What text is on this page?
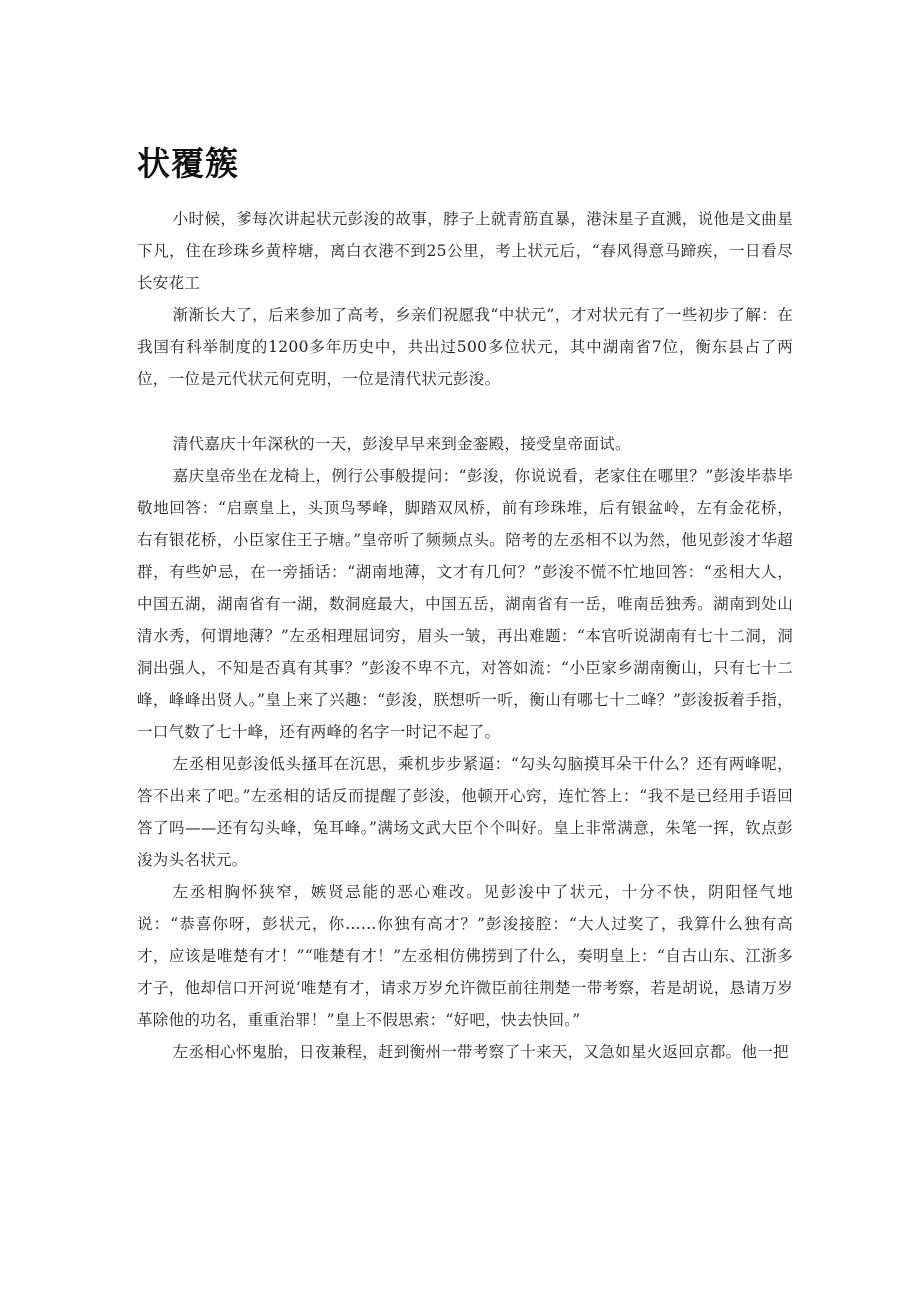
状覆簇

小时候，爹每次讲起状元彭浚的故事，脖子上就青筋直暴，港沫星子直溅，说他是文曲星下凡，住在珍珠乡黄梓塘，离白衣港不到25公里，考上状元后，“春风得意马蹄疾，一日看尽长安花工

渐渐长大了，后来参加了高考，乡亲们祝愿我“中状元”，才对状元有了一些初步了解：在我国有科举制度的1200多年历史中，共出过500多位状元，其中湖南省7位，衡东县占了两位，一位是元代状元何克明，一位是清代状元彭浚。

清代嘉庆十年深秋的一天，彭浚早早来到金銮殿，接受皇帝面试。

嘉庆皇帝坐在龙椅上，例行公事般提问：“彭浚，你说说看，老家住在哪里？”彭浚毕恭毕敬地回答：“启禀皇上，头顶鸟琴峰，脚踏双凤桥，前有珍珠堆，后有银盆岭，左有金花桥，右有银花桥，小臣家住王子塘。”皇帝听了频频点头。陪考的左丞相不以为然，他见彭浚才华超群，有些妒忌，在一旁插话：“湖南地薄，文才有几何？”彭浚不慌不忙地回答：“丞相大人，中国五湖，湖南省有一湖，数洞庭最大，中国五岳，湖南省有一岳，唯南岳独秀。湖南到处山清水秀，何谓地薄？”左丞相理屈词穷，眉头一皱，再出难题：“本官听说湖南有七十二洞，洞洞出强人，不知是否真有其事？”彭浚不卑不亢，对答如流：“小臣家乡湖南衡山，只有七十二峰，峰峰出贤人。”皇上来了兴趣：“彭浚，朕想听一听，衡山有哪七十二峰？”彭浚扳着手指，一口气数了七十峰，还有两峰的名字一时记不起了。

左丞相见彭浚低头搔耳在沉思，乘机步步紧逼：“勾头勾脑摸耳朵干什么？还有两峰呢，答不出来了吧。”左丞相的话反而提醒了彭浚，他顿开心窍，连忙答上：“我不是已经用手语回答了吗——还有勾头峰，兔耳峰。”满场文武大臣个个叫好。皇上非常满意，朱笔一挥，钦点彭浚为头名状元。

左丞相胸怀狭窄，嫉贤忌能的恶心难改。见彭浚中了状元，十分不快，阴阳怪气地说：“恭喜你呀，彭状元，你......你独有高才？”彭浚接腔：“大人过奖了，我算什么独有高才，应该是唯楚有才！”“唯楚有才！”左丞相仿佛捞到了什么，奏明皇上：“自古山东、江浙多才子，他却信口开河说‘唯楚有才，请求万岁允许微臣前往荆楚一带考察，若是胡说，恳请万岁革除他的功名，重重治罪！”皇上不假思索：“好吧，快去快回。”

左丞相心怀鬼胎，日夜兼程，赶到衡州一带考察了十来天，又急如星火返回京都。他一把
